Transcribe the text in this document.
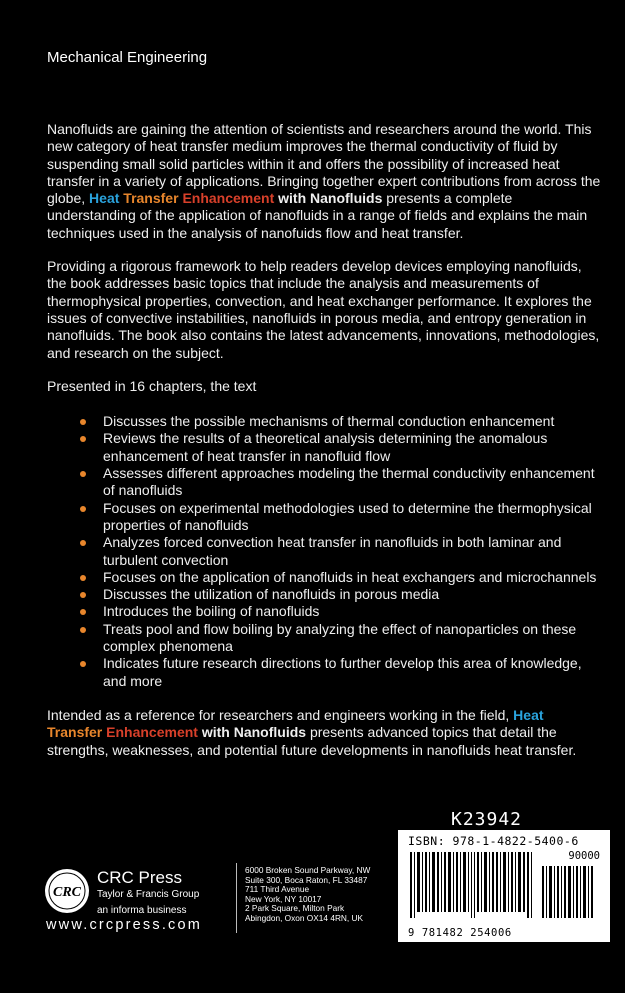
Mechanical Engineering

Nanofluids are gaining the attention of scientists and researchers around the world. This new category of heat transfer medium improves the thermal conductivity of fluid by suspending small solid particles within it and offers the possibility of increased heat transfer in a variety of applications. Bringing together expert contributions from across the globe, Heat Transfer Enhancement with Nanofluids presents a complete understanding of the application of nanofluids in a range of fields and explains the main techniques used in the analysis of nanofuids flow and heat transfer.

Providing a rigorous framework to help readers develop devices employing nanofluids, the book addresses basic topics that include the analysis and measurements of thermophysical properties, convection, and heat exchanger performance. It explores the issues of convective instabilities, nanofluids in porous media, and entropy generation in nanofluids. The book also contains the latest advancements, innovations, methodologies, and research on the subject.

Presented in 16 chapters, the text

Discusses the possible mechanisms of thermal conduction enhancement
Reviews the results of a theoretical analysis determining the anomalous enhancement of heat transfer in nanofluid flow
Assesses different approaches modeling the thermal conductivity enhancement of nanofluids
Focuses on experimental methodologies used to determine the thermophysical properties of nanofluids
Analyzes forced convection heat transfer in nanofluids in both laminar and turbulent convection
Focuses on the application of nanofluids in heat exchangers and microchannels
Discusses the utilization of nanofluids in porous media
Introduces the boiling of nanofluids
Treats pool and flow boiling by analyzing the effect of nanoparticles on these complex phenomena
Indicates future research directions to further develop this area of knowledge, and more

Intended as a reference for researchers and engineers working in the field, Heat Transfer Enhancement with Nanofluids presents advanced topics that detail the strengths, weaknesses, and potential future developments in nanofluids heat transfer.

K23942
ISBN: 978-1-4822-5400-6
90000
9 781482 254006
CRC
CRC Press
Taylor & Francis Group
an informa business
www.crcpress.com
6000 Broken Sound Parkway, NW
Suite 300, Boca Raton, FL 33487
711 Third Avenue
New York, NY 10017
2 Park Square, Milton Park
Abingdon, Oxon OX14 4RN, UK
